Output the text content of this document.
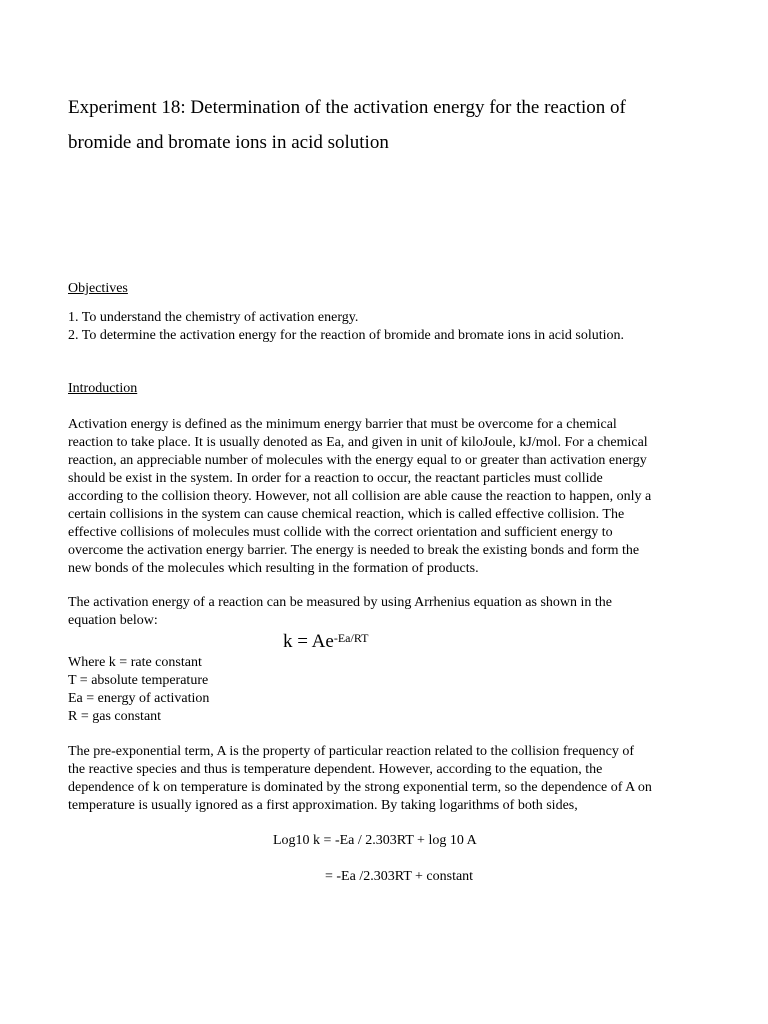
Experiment 18: Determination of the activation energy for the reaction of
bromide and bromate ions in acid solution
Objectives
1. To understand the chemistry of activation energy.
2. To determine the activation energy for the reaction of bromide and bromate ions in acid solution.
Introduction
Activation energy is defined as the minimum energy barrier that must be overcome for a chemical
reaction to take place. It is usually denoted as Ea, and given in unit of kiloJoule, kJ/mol. For a chemical
reaction, an appreciable number of molecules with the energy equal to or greater than activation energy
should be exist in the system. In order for a reaction to occur, the reactant particles must collide
according to the collision theory. However, not all collision are able cause the reaction to happen, only a
certain collisions in the system can cause chemical reaction, which is called effective collision. The
effective collisions of molecules must collide with the correct orientation and sufficient energy to
overcome the activation energy barrier. The energy is needed to break the existing bonds and form the
new bonds of the molecules which resulting in the formation of products.
The activation energy of a reaction can be measured by using Arrhenius equation as shown in the
equation below:
$k = Ae^{-Ea/RT}$
Where k = rate constant
T = absolute temperature
Ea = energy of activation
R = gas constant
The pre-exponential term, A is the property of particular reaction related to the collision frequency of
the reactive species and thus is temperature dependent. However, according to the equation, the
dependence of k on temperature is dominated by the strong exponential term, so the dependence of A on
temperature is usually ignored as a first approximation. By taking logarithms of both sides,
Log10 k = -Ea / 2.303RT + log 10 A
= -Ea /2.303RT + constant
